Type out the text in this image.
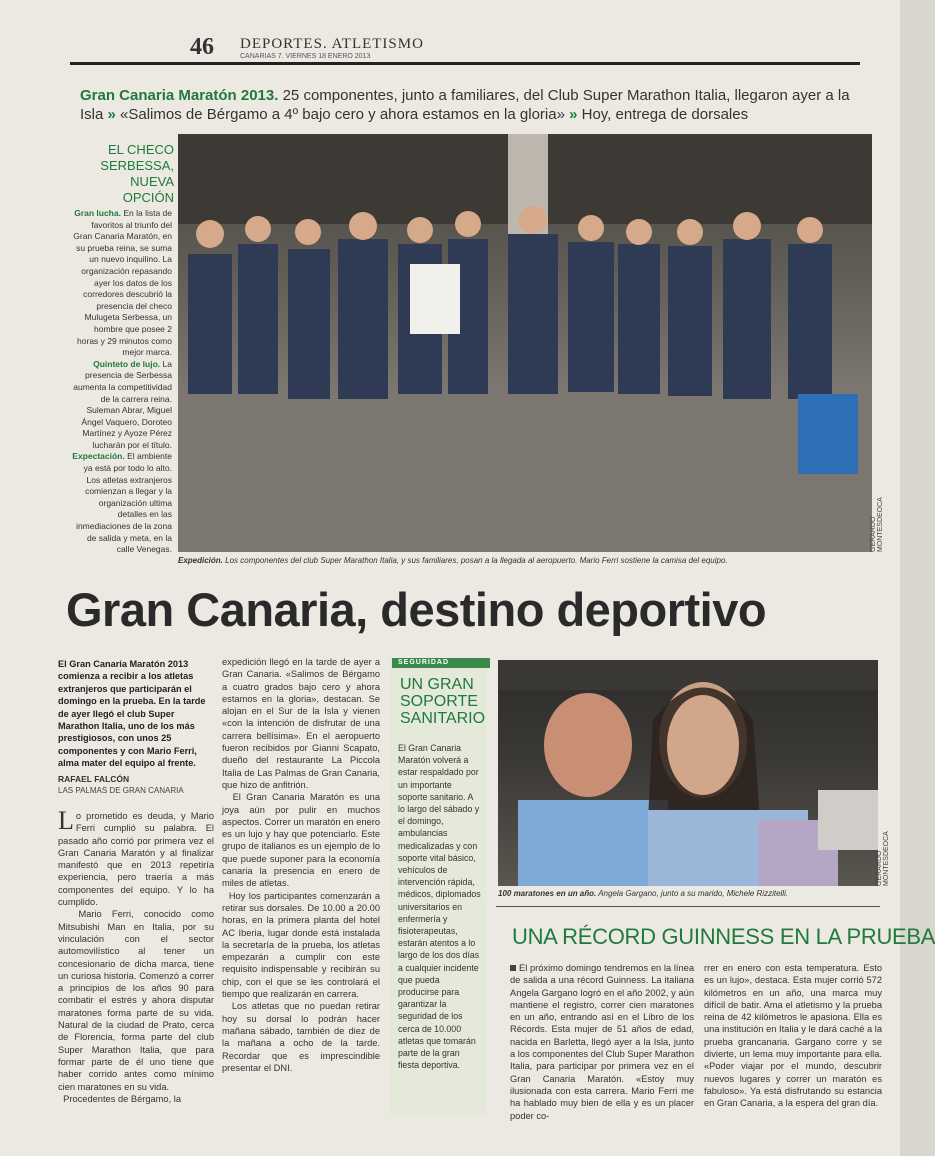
46 DEPORTES. ATLETISMO
CANARIAS 7. VIERNES 18 ENERO 2013
Gran Canaria Maratón 2013. 25 componentes, junto a familiares, del Club Super Marathon Italia, llegaron ayer a la Isla » «Salimos de Bérgamo a 4º bajo cero y ahora estamos en la gloria» » Hoy, entrega de dorsales
EL CHECO SERBESSA, NUEVA OPCIÓN
Gran lucha. En la lista de favoritos al triunfo del Gran Canaria Maratón, en su prueba reina, se suma un nuevo inquilino. La organización repasando ayer los datos de los corredores descubrió la presencia del checo Mulugeta Serbessa, un hombre que posee 2 horas y 29 minutos como mejor marca.
Quinteto de lujo. La presencia de Serbessa aumenta la competitividad de la carrera reina. Suleman Abrar, Miguel Ángel Vaquero, Doroteo Martínez y Ayoze Pérez lucharán por el título.
Expectación. El ambiente ya está por todo lo alto. Los atletas extranjeros comienzan a llegar y la organización ultima detalles en las inmediaciones de la zona de salida y meta, en la calle Venegas.	GERARDO MONTESDEOCA
Expedición. Los componentes del club Super Marathon Italia, y sus familiares, posan a la llegada al aeropuerto. Mario Ferri sostiene la camisa del equipo.
Gran Canaria, destino deportivo
El Gran Canaria Maratón 2013 comienza a recibir a los atletas extranjeros que participarán el domingo en la prueba. En la tarde de ayer llegó el club Super Marathon Italia, uno de los más prestigiosos, con unos 25 componentes y con Mario Ferri, alma mater del equipo al frente.
RAFAEL FALCÓN
LAS PALMAS DE GRAN CANARIA
Lo prometido es deuda, y Mario Ferri cumplió su palabra. El pasado año corrió por primera vez el Gran Canaria Maratón y al finalizar manifestó que en 2013 repetiría experiencia, pero traería a más componentes del equipo. Y lo ha cumplido.
Mario Ferri, conocido como Mitsubishi Man en Italia, por su vinculación con el sector automovilístico al tener un concesionario de dicha marca, tiene un curiosa historia. Comenzó a correr a principios de los años 90 para combatir el estrés y ahora disputar maratones forma parte de su vida. Natural de la ciudad de Prato, cerca de Florencia, forma parte del club Super Marathon Italia, que para formar parte de él uno tiene que haber corrido antes como mínimo cien maratones en su vida.
Procedentes de Bérgamo, la
expedición llegó en la tarde de ayer a Gran Canaria. «Salimos de Bérgamo a cuatro grados bajo cero y ahora estamos en la gloria», destacan. Se alojan en el Sur de la Isla y vienen «con la intención de disfrutar de una carrera bellísima». En el aeropuerto fueron recibidos por Gianni Scapato, dueño del restaurante La Piccola Italia de Las Palmas de Gran Canaria, que hizo de anfitrión.
El Gran Canaria Maratón es una joya aún por pulir en muchos aspectos. Correr un maratón en enero es un lujo y hay que potenciarlo. Este grupo de italianos es un ejemplo de lo que puede suponer para la economía canaria la presencia en enero de miles de atletas.
Hoy los participantes comenzarán a retirar sus dorsales. De 10.00 a 20.00 horas, en la primera planta del hotel AC Iberia, lugar donde está instalada la secretaría de la prueba, los atletas empezarán a cumplir con este requisito indispensable y recibirán su chip, con el que se les controlará el tiempo que realizarán en carrera.
Los atletas que no puedan retirar hoy su dorsal lo podrán hacer mañana sábado, también de diez de la mañana a ocho de la tarde. Recordar que es imprescindible presentar el DNI.
SEGURIDAD
UN GRAN SOPORTE SANITARIO
El Gran Canaria Maratón volverá a estar respaldado por un importante soporte sanitario. A lo largo del sábado y el domingo, ambulancias medicalizadas y con soporte vital básico, vehículos de intervención rápida, médicos, diplomados universitarios en enfermería y fisioterapeutas, estarán atentos a lo largo de los dos días a cualquier incidente que pueda producirse para garantizar la seguridad de los cerca de 10.000 atletas que tomarán parte de la gran fiesta deportiva.
GERARDO MONTESDEOCA
100 maratones en un año. Angela Gargano, junto a su marido, Michele Rizzitelli.
UNA RÉCORD GUINNESS EN LA PRUEBA
El próximo domingo tendremos en la línea de salida a una récord Guinness. La italiana Angela Gargano logró en el año 2002, y aún mantiene el registro, correr cien maratones en un año, entrando así en el Libro de los Récords. Esta mujer de 51 años de edad, nacida en Barletta, llegó ayer a la Isla, junto a los componentes del Club Super Marathon Italia, para participar por primera vez en el Gran Canaria Maratón. «Estoy muy ilusionada con esta carrera. Mario Ferri me ha hablado muy bien de ella y es un placer poder co-
rrer en enero con esta temperatura. Esto es un lujo», destaca. Esta mujer corrió 572 kilómetros en un año, una marca muy difícil de batir. Ama el atletismo y la prueba reina de 42 kilómetros le apasiona. Ella es una institución en Italia y le dará caché a la prueba grancanaria. Gargano corre y se divierte, un lema muy importante para ella. «Poder viajar por el mundo, descubrir nuevos lugares y correr un maratón es fabuloso». Ya está disfrutando su estancia en Gran Canaria, a la espera del gran día.
